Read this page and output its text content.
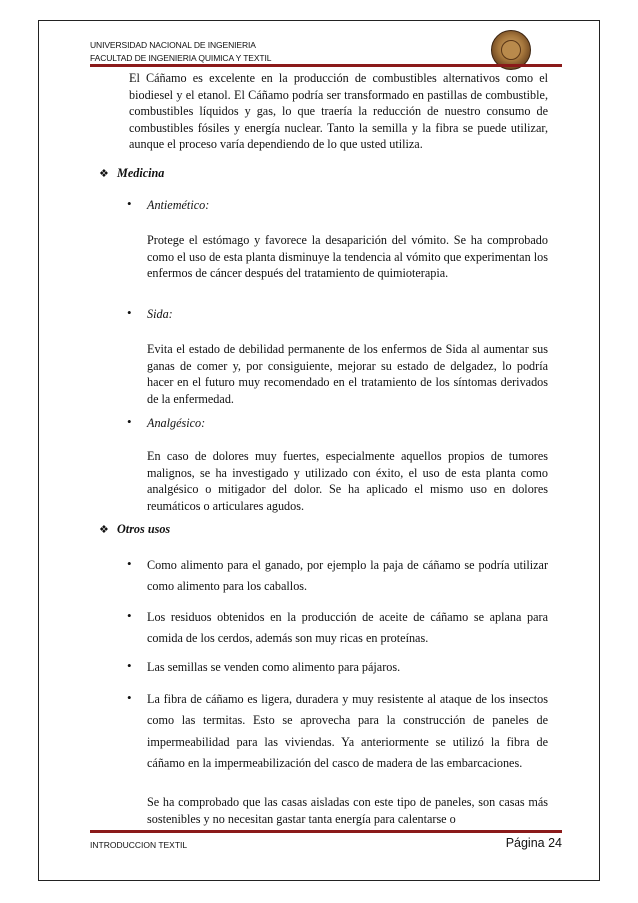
UNIVERSIDAD NACIONAL DE INGENIERIA
FACULTAD DE INGENIERIA QUIMICA Y TEXTIL

El Cáñamo es excelente en la producción de combustibles alternativos como el biodiesel y el etanol. El Cáñamo podría ser transformado en pastillas de combustible, combustibles líquidos y gas, lo que traería la reducción de nuestro consumo de combustibles fósiles y energía nuclear. Tanto la semilla y la fibra se puede utilizar, aunque el proceso varía dependiendo de lo que usted utiliza.

❖ Medicina
• Antiemético:

Protege el estómago y favorece la desaparición del vómito. Se ha comprobado como el uso de esta planta disminuye la tendencia al vómito que experimentan los enfermos de cáncer después del tratamiento de quimioterapia.

• Sida:

Evita el estado de debilidad permanente de los enfermos de Sida al aumentar sus ganas de comer y, por consiguiente, mejorar su estado de delgadez, lo podría hacer en el futuro muy recomendado en el tratamiento de los síntomas derivados de la enfermedad.

• Analgésico:

En caso de dolores muy fuertes, especialmente aquellos propios de tumores malignos, se ha investigado y utilizado con éxito, el uso de esta planta como analgésico o mitigador del dolor. Se ha aplicado el mismo uso en dolores reumáticos o articulares agudos.

❖ Otros usos
• Como alimento para el ganado, por ejemplo la paja de cáñamo se podría utilizar como alimento para los caballos.

• Los residuos obtenidos en la producción de aceite de cáñamo se aplana para comida de los cerdos, además son muy ricas en proteínas.

• Las semillas se venden como alimento para pájaros.

• La fibra de cáñamo es ligera, duradera y muy resistente al ataque de los insectos como las termitas. Esto se aprovecha para la construcción de paneles de impermeabilidad para las viviendas. Ya anteriormente se utilizó la fibra de cáñamo en la impermeabilización del casco de madera de las embarcaciones.

Se ha comprobado que las casas aisladas con este tipo de paneles, son casas más sostenibles y no necesitan gastar tanta energía para calentarse o

INTRODUCCION TEXTIL	Página 24
